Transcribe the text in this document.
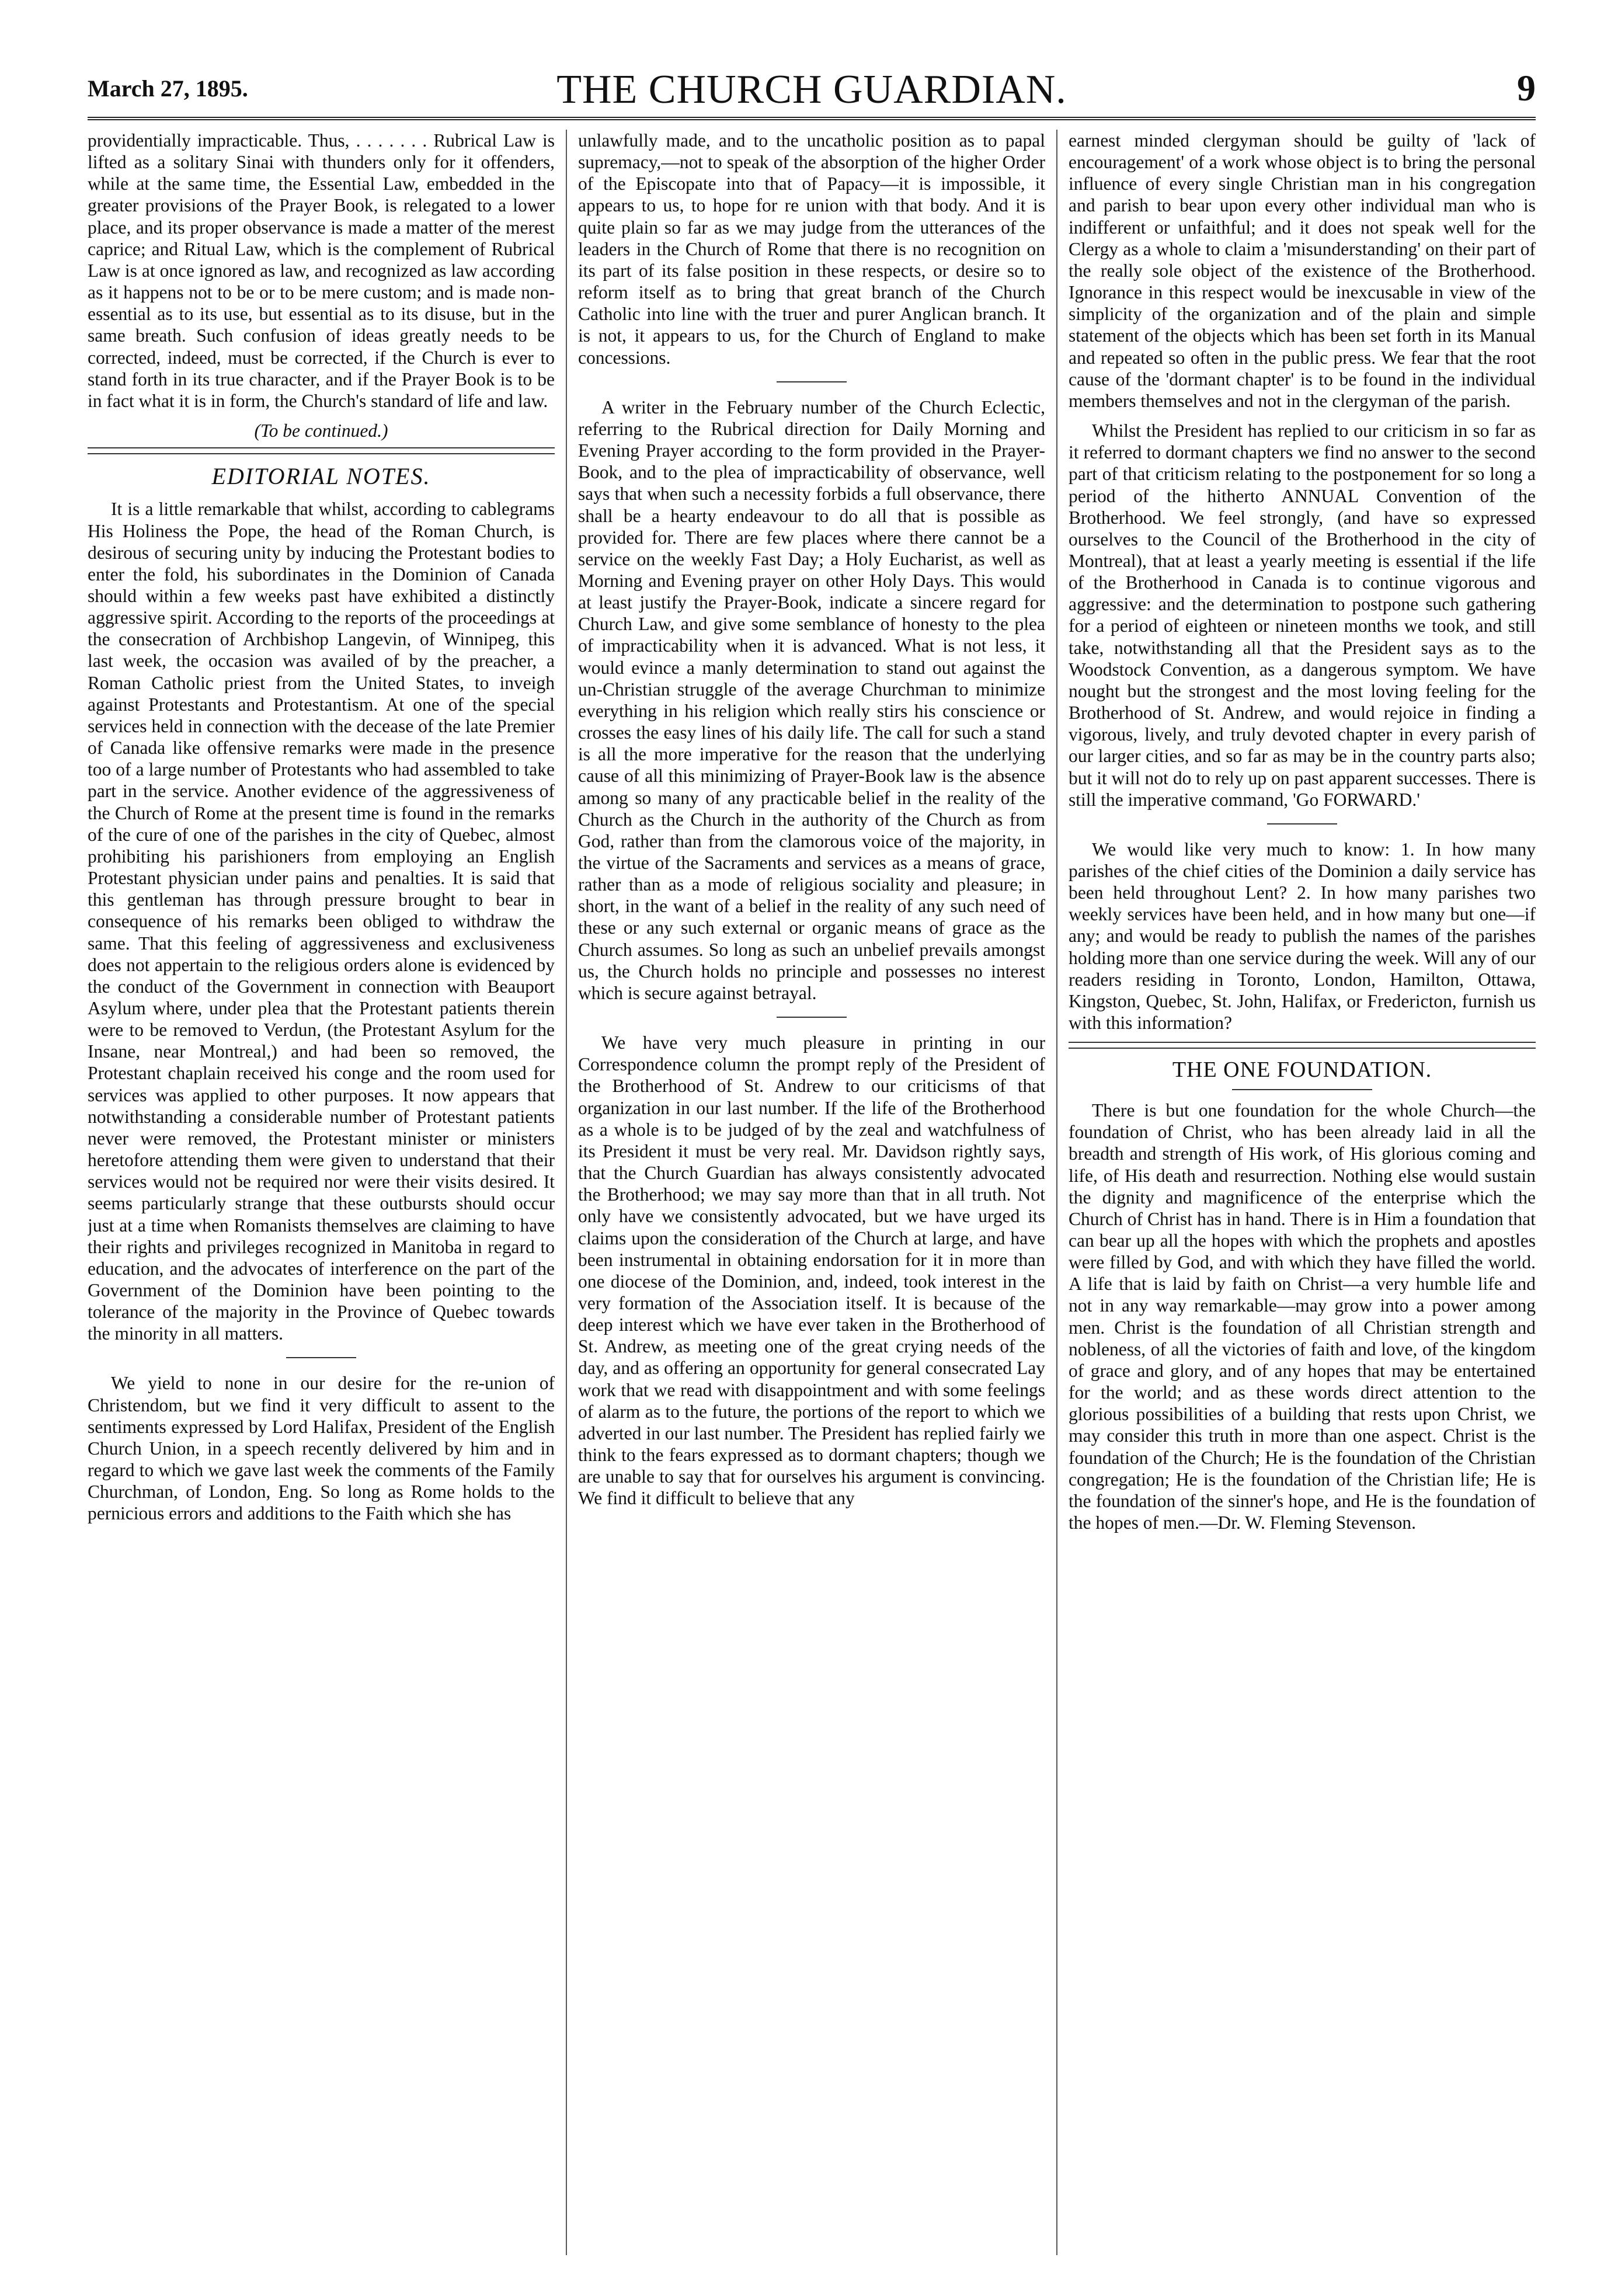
March 27, 1895.	THE CHURCH GUARDIAN.	9

providentially impracticable. Thus, . . . . . . . Rubrical Law is lifted as a solitary Sinai with thunders only for it offenders, while at the same time, the Essential Law, embedded in the greater provisions of the Prayer Book, is relegated to a lower place, and its proper observance is made a matter of the merest caprice; and Ritual Law, which is the complement of Rubrical Law is at once ignored as law, and recognized as law according as it happens not to be or to be mere custom; and is made non-essential as to its use, but essential as to its disuse, but in the same breath. Such confusion of ideas greatly needs to be corrected, indeed, must be corrected, if the Church is ever to stand forth in its true character, and if the Prayer Book is to be in fact what it is in form, the Church's standard of life and law.

(To be continued.)

EDITORIAL NOTES.

It is a little remarkable that whilst, according to cablegrams His Holiness the Pope, the head of the Roman Church, is desirous of securing unity by inducing the Protestant bodies to enter the fold, his subordinates in the Dominion of Canada should within a few weeks past have exhibited a distinctly aggressive spirit. According to the reports of the proceedings at the consecration of Archbishop Langevin, of Winnipeg, this last week, the occasion was availed of by the preacher, a Roman Catholic priest from the United States, to inveigh against Protestants and Protestantism. At one of the special services held in connection with the decease of the late Premier of Canada like offensive remarks were made in the presence too of a large number of Protestants who had assembled to take part in the service. Another evidence of the aggressiveness of the Church of Rome at the present time is found in the remarks of the cure of one of the parishes in the city of Quebec, almost prohibiting his parishioners from employing an English Protestant physician under pains and penalties. It is said that this gentleman has through pressure brought to bear in consequence of his remarks been obliged to withdraw the same. That this feeling of aggressiveness and exclusiveness does not appertain to the religious orders alone is evidenced by the conduct of the Government in connection with Beauport Asylum where, under plea that the Protestant patients therein were to be removed to Verdun, (the Protestant Asylum for the Insane, near Montreal,) and had been so removed, the Protestant chaplain received his conge and the room used for services was applied to other purposes. It now appears that notwithstanding a considerable number of Protestant patients never were removed, the Protestant minister or ministers heretofore attending them were given to understand that their services would not be required nor were their visits desired. It seems particularly strange that these outbursts should occur just at a time when Romanists themselves are claiming to have their rights and privileges recognized in Manitoba in regard to education, and the advocates of interference on the part of the Government of the Dominion have been pointing to the tolerance of the majority in the Province of Quebec towards the minority in all matters.

We yield to none in our desire for the re-union of Christendom, but we find it very difficult to assent to the sentiments expressed by Lord Halifax, President of the English Church Union, in a speech recently delivered by him and in regard to which we gave last week the comments of the Family Churchman, of London, Eng. So long as Rome holds to the pernicious errors and additions to the Faith which she has

unlawfully made, and to the uncatholic position as to papal supremacy,—not to speak of the absorption of the higher Order of the Episcopate into that of Papacy—it is impossible, it appears to us, to hope for re union with that body. And it is quite plain so far as we may judge from the utterances of the leaders in the Church of Rome that there is no recognition on its part of its false position in these respects, or desire so to reform itself as to bring that great branch of the Church Catholic into line with the truer and purer Anglican branch. It is not, it appears to us, for the Church of England to make concessions.

A writer in the February number of the Church Eclectic, referring to the Rubrical direction for Daily Morning and Evening Prayer according to the form provided in the Prayer-Book, and to the plea of impracticability of observance, well says that when such a necessity forbids a full observance, there shall be a hearty endeavour to do all that is possible as provided for. There are few places where there cannot be a service on the weekly Fast Day; a Holy Eucharist, as well as Morning and Evening prayer on other Holy Days. This would at least justify the Prayer-Book, indicate a sincere regard for Church Law, and give some semblance of honesty to the plea of impracticability when it is advanced. What is not less, it would evince a manly determination to stand out against the un-Christian struggle of the average Churchman to minimize everything in his religion which really stirs his conscience or crosses the easy lines of his daily life. The call for such a stand is all the more imperative for the reason that the underlying cause of all this minimizing of Prayer-Book law is the absence among so many of any practicable belief in the reality of the Church as the Church in the authority of the Church as from God, rather than from the clamorous voice of the majority, in the virtue of the Sacraments and services as a means of grace, rather than as a mode of religious sociality and pleasure; in short, in the want of a belief in the reality of any such need of these or any such external or organic means of grace as the Church assumes. So long as such an unbelief prevails amongst us, the Church holds no principle and possesses no interest which is secure against betrayal.

We have very much pleasure in printing in our Correspondence column the prompt reply of the President of the Brotherhood of St. Andrew to our criticisms of that organization in our last number. If the life of the Brotherhood as a whole is to be judged of by the zeal and watchfulness of its President it must be very real. Mr. Davidson rightly says, that the Church Guardian has always consistently advocated the Brotherhood; we may say more than that in all truth. Not only have we consistently advocated, but we have urged its claims upon the consideration of the Church at large, and have been instrumental in obtaining endorsation for it in more than one diocese of the Dominion, and, indeed, took interest in the very formation of the Association itself. It is because of the deep interest which we have ever taken in the Brotherhood of St. Andrew, as meeting one of the great crying needs of the day, and as offering an opportunity for general consecrated Lay work that we read with disappointment and with some feelings of alarm as to the future, the portions of the report to which we adverted in our last number. The President has replied fairly we think to the fears expressed as to dormant chapters; though we are unable to say that for ourselves his argument is convincing. We find it difficult to believe that any

earnest minded clergyman should be guilty of 'lack of encouragement' of a work whose object is to bring the personal influence of every single Christian man in his congregation and parish to bear upon every other individual man who is indifferent or unfaithful; and it does not speak well for the Clergy as a whole to claim a 'misunderstanding' on their part of the really sole object of the existence of the Brotherhood. Ignorance in this respect would be inexcusable in view of the simplicity of the organization and of the plain and simple statement of the objects which has been set forth in its Manual and repeated so often in the public press. We fear that the root cause of the 'dormant chapter' is to be found in the individual members themselves and not in the clergyman of the parish.

Whilst the President has replied to our criticism in so far as it referred to dormant chapters we find no answer to the second part of that criticism relating to the postponement for so long a period of the hitherto ANNUAL Convention of the Brotherhood. We feel strongly, (and have so expressed ourselves to the Council of the Brotherhood in the city of Montreal), that at least a yearly meeting is essential if the life of the Brotherhood in Canada is to continue vigorous and aggressive: and the determination to postpone such gathering for a period of eighteen or nineteen months we took, and still take, notwithstanding all that the President says as to the Woodstock Convention, as a dangerous symptom. We have nought but the strongest and the most loving feeling for the Brotherhood of St. Andrew, and would rejoice in finding a vigorous, lively, and truly devoted chapter in every parish of our larger cities, and so far as may be in the country parts also; but it will not do to rely up on past apparent successes. There is still the imperative command, 'Go FORWARD.'

We would like very much to know: 1. In how many parishes of the chief cities of the Dominion a daily service has been held throughout Lent? 2. In how many parishes two weekly services have been held, and in how many but one—if any; and would be ready to publish the names of the parishes holding more than one service during the week. Will any of our readers residing in Toronto, London, Hamilton, Ottawa, Kingston, Quebec, St. John, Halifax, or Fredericton, furnish us with this information?

THE ONE FOUNDATION.

There is but one foundation for the whole Church—the foundation of Christ, who has been already laid in all the breadth and strength of His work, of His glorious coming and life, of His death and resurrection. Nothing else would sustain the dignity and magnificence of the enterprise which the Church of Christ has in hand. There is in Him a foundation that can bear up all the hopes with which the prophets and apostles were filled by God, and with which they have filled the world. A life that is laid by faith on Christ—a very humble life and not in any way remarkable—may grow into a power among men. Christ is the foundation of all Christian strength and nobleness, of all the victories of faith and love, of the kingdom of grace and glory, and of any hopes that may be entertained for the world; and as these words direct attention to the glorious possibilities of a building that rests upon Christ, we may consider this truth in more than one aspect. Christ is the foundation of the Church; He is the foundation of the Christian congregation; He is the foundation of the Christian life; He is the foundation of the sinner's hope, and He is the foundation of the hopes of men.—Dr. W. Fleming Stevenson.
